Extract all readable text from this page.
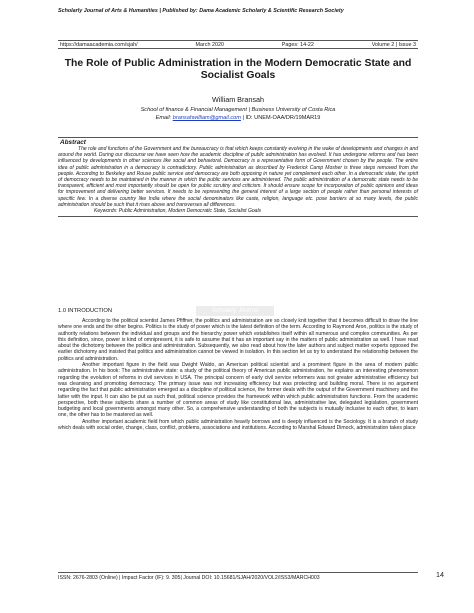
Scholarly Journal of Arts & Humanities | Published by: Dama Academic Scholarly & Scientific Research Society
https://damaacademia.com/sjah/	March 2020	Pages: 14-22	Volume 2 | Issue 3
The Role of Public Administration in the Modern Democratic State and Socialist Goals
William Bransah
School of finance & Financial Management | Business University of Costa Rica
Email: bransahwilliam@gmail.com | ID: UNEM-OAA/DR/19MAR19
Abstract

The role and functions of the Government and the bureaucracy is that which keeps constantly evolving in the wake of developments and changes in and around the world. During our discourse we have seen how the academic discipline of public administration has evolved. It has undergone reforms and has been influenced by developments in other sciences like social and behavioral. Democracy is a representative form of Government chosen by the people. The entire idea of public administration in a democracy is contradictory. Public administration as described by Frederick Camp Mosher is three steps removed from the people. According to Berkeley and Rouse public service and democracy are both opposing in nature yet complement each other. In a democratic state, the spirit of democracy needs to be maintained in the manner in which the public services are administered. The public administration of a democratic state needs to be transparent, efficient and most importantly should be open for public scrutiny and criticism. It should ensure scope for incorporation of public opinions and ideas for improvement and delivering better services. It needs to be representing the general interest of a large section of people rather than personal interests of specific few. In a diverse country like India where the social denominators like caste, religion, language etc. pose barriers at so many levels, the public administration should be such that it rises above and transverses all differences.

Keywords: Public Administration, Modern Democratic State, Socialist Goals
1.0 INTRODUCTION	Scholarly Journal

According to the political scientist James Pfiffner, the politics and administration are so closely knit together that it becomes difficult to draw the line where one ends and the other begins. Politics is the study of power which is the latest definition of the term. According to Raymond Aron, politics is the study of authority relations between the individual and groups and the hierarchy power which establishes itself within all numerous and complex communities. As per this definition, since, power is kind of omnipresent, it is safe to assume that it has an important say in the matters of public administration as well. I have read about the dichotomy between the politics and administration. Subsequently, we also read about how the later authors and subject matter experts opposed the earlier dichotomy and insisted that politics and administration cannot be viewed in isolation. In this section let us try to understand the relationship between the politics and administration.

Another important figure in the field was Dwight Waldo, an American political scientist and a prominent figure in the area of modern public administration. In his book: The administrative state: a study of the political theory of American public administration, he explains an interesting phenomenon regarding the evolution of reforms in civil services in USA. The principal concern of early civil service reformers was not greater administrative efficiency but was cleansing and promoting democracy. The primary issue was not increasing efficiency but was protecting and building moral. There is no argument regarding the fact that public administration emerged as a discipline of political science, the former deals with the output of the Government machinery and the latter with the input. It can also be put as such that, political science provides the framework within which public administration functions. From the academic perspective, both these subjects share a number of common areas of study like constitutional law, administrative law, delegated legislation, government budgeting and local governments amongst many other. So, a comprehensive understanding of both the subjects is mutually inclusive to each other, to learn one, the other has to be mastered as well.

Another important academic field from which public administration heavily borrows and is deeply influenced is the Sociology. It is a branch of study which deals with social order, change, class, conflict, problems, associations and institutions. According to Marshal Edward Dimock, administration takes place

ISSN: 2676-2803 (Online) | Impact Factor (IF): 9. 305| Journal DOI: 10.15681/SJAH/2020/VOL2/ISS3/MARCH003	14
